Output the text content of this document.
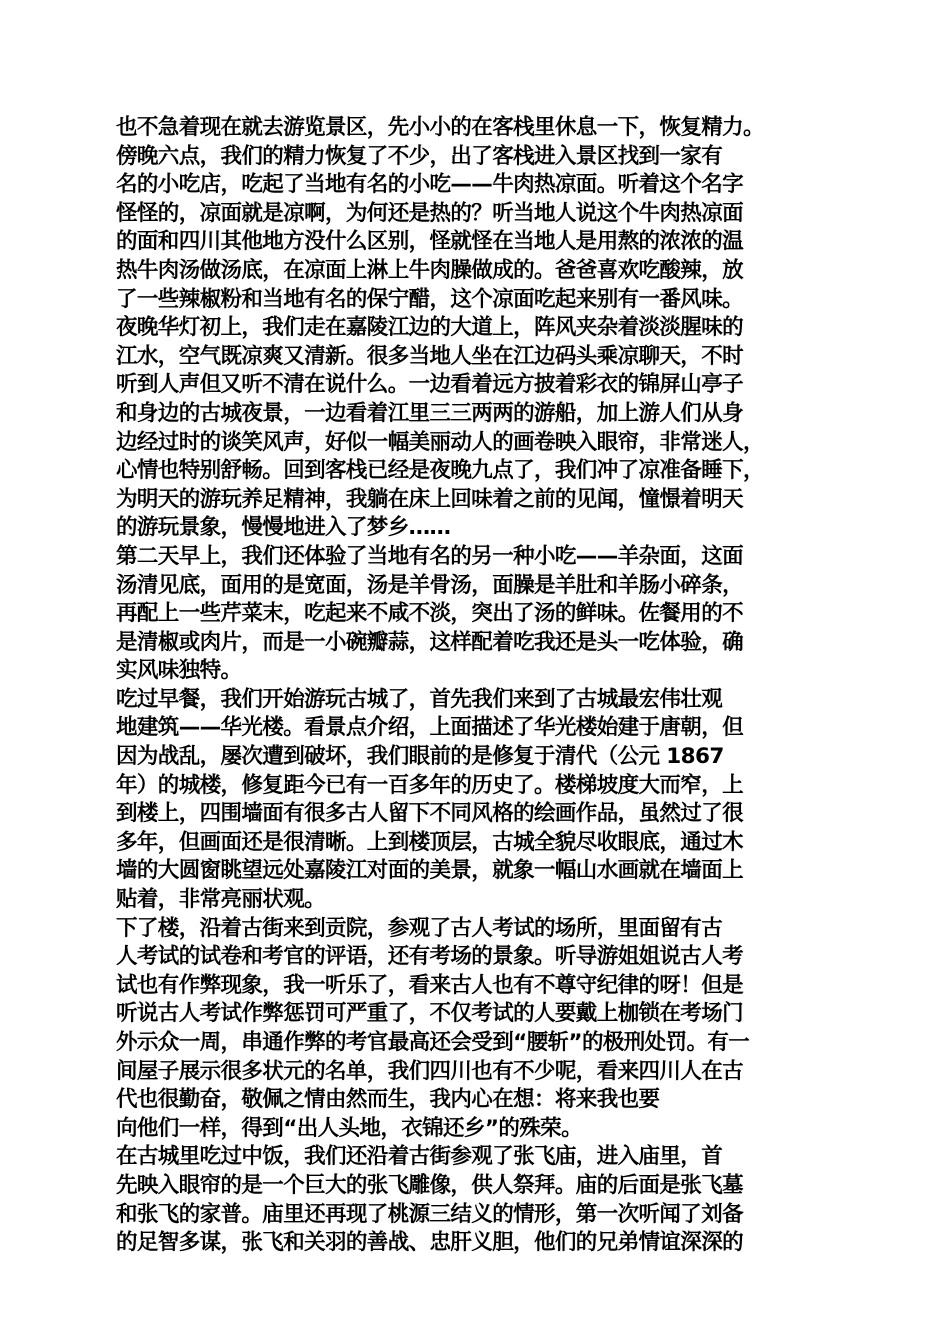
也不急着现在就去游览景区，先小小的在客栈里休息一下，恢复精力。
傍晚六点，我们的精力恢复了不少，出了客栈进入景区找到一家有
名的小吃店，吃起了当地有名的小吃——牛肉热凉面。听着这个名字
怪怪的，凉面就是凉啊，为何还是热的？听当地人说这个牛肉热凉面
的面和四川其他地方没什么区别，怪就怪在当地人是用熬的浓浓的温
热牛肉汤做汤底，在凉面上淋上牛肉臊做成的。爸爸喜欢吃酸辣，放
了一些辣椒粉和当地有名的保宁醋，这个凉面吃起来别有一番风味。
夜晚华灯初上，我们走在嘉陵江边的大道上，阵风夹杂着淡淡腥味的
江水，空气既凉爽又清新。很多当地人坐在江边码头乘凉聊天，不时
听到人声但又听不清在说什么。一边看着远方披着彩衣的锦屏山亭子
和身边的古城夜景，一边看着江里三三两两的游船，加上游人们从身
边经过时的谈笑风声，好似一幅美丽动人的画卷映入眼帘，非常迷人，
心情也特别舒畅。回到客栈已经是夜晚九点了，我们冲了凉准备睡下，
为明天的游玩养足精神，我躺在床上回味着之前的见闻，憧憬着明天
的游玩景象，慢慢地进入了梦乡……
第二天早上，我们还体验了当地有名的另一种小吃——羊杂面，这面
汤清见底，面用的是宽面，汤是羊骨汤，面臊是羊肚和羊肠小碎条，
再配上一些芹菜末，吃起来不咸不淡，突出了汤的鲜味。佐餐用的不
是清椒或肉片，而是一小碗瓣蒜，这样配着吃我还是头一吃体验，确
实风味独特。
吃过早餐，我们开始游玩古城了，首先我们来到了古城最宏伟壮观
地建筑——华光楼。看景点介绍，上面描述了华光楼始建于唐朝，但
因为战乱，屡次遭到破坏，我们眼前的是修复于清代（公元 1867
年）的城楼，修复距今已有一百多年的历史了。楼梯坡度大而窄，上
到楼上，四围墙面有很多古人留下不同风格的绘画作品，虽然过了很
多年，但画面还是很清晰。上到楼顶层，古城全貌尽收眼底，通过木
墙的大圆窗眺望远处嘉陵江对面的美景，就象一幅山水画就在墙面上
贴着，非常亮丽状观。
下了楼，沿着古街来到贡院，参观了古人考试的场所，里面留有古
人考试的试卷和考官的评语，还有考场的景象。听导游姐姐说古人考
试也有作弊现象，我一听乐了，看来古人也有不尊守纪律的呀！但是
听说古人考试作弊惩罚可严重了，不仅考试的人要戴上枷锁在考场门
外示众一周，串通作弊的考官最高还会受到“腰斩”的极刑处罚。有一
间屋子展示很多状元的名单，我们四川也有不少呢，看来四川人在古
代也很勤奋，敬佩之情由然而生，我内心在想：将来我也要
向他们一样，得到“出人头地，衣锦还乡”的殊荣。
在古城里吃过中饭，我们还沿着古街参观了张飞庙，进入庙里，首
先映入眼帘的是一个巨大的张飞雕像，供人祭拜。庙的后面是张飞墓
和张飞的家普。庙里还再现了桃源三结义的情形，第一次听闻了刘备
的足智多谋，张飞和关羽的善战、忠肝义胆，他们的兄弟情谊深深的
